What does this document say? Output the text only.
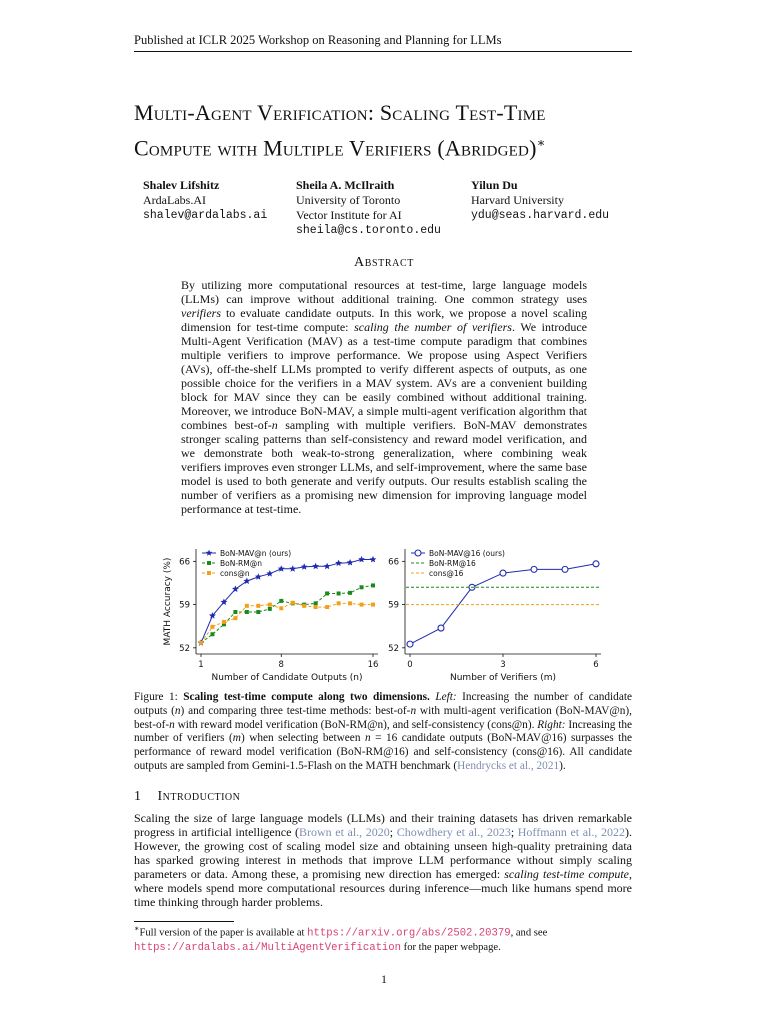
Published at ICLR 2025 Workshop on Reasoning and Planning for LLMs
Multi-Agent Verification: Scaling Test-Time
Compute with Multiple Verifiers (Abridged)∗
Shalev Lifshitz
ArdaLabs.AI
shalev@ardalabs.ai
Sheila A. McIlraith
University of Toronto
Vector Institute for AI
sheila@cs.toronto.edu
Yilun Du
Harvard University
ydu@seas.harvard.edu
Abstract
By utilizing more computational resources at test-time, large language models (LLMs) can improve without additional training. One common strategy uses verifiers to evaluate candidate outputs. In this work, we propose a novel scaling dimension for test-time compute: scaling the number of verifiers. We introduce Multi-Agent Verification (MAV) as a test-time compute paradigm that combines multiple verifiers to improve performance. We propose using Aspect Verifiers (AVs), off-the-shelf LLMs prompted to verify different aspects of outputs, as one possible choice for the verifiers in a MAV system. AVs are a convenient building block for MAV since they can be easily combined without additional training. Moreover, we introduce BoN-MAV, a simple multi-agent verification algorithm that combines best-of-n sampling with multiple verifiers. BoN-MAV demonstrates stronger scaling patterns than self-consistency and reward model verification, and we demonstrate both weak-to-strong generalization, where combining weak verifiers improves even stronger LLMs, and self-improvement, where the same base model is used to both generate and verify outputs. Our results establish scaling the number of verifiers as a promising new dimension for improving language model performance at test-time.
52
59
66
1	8	16
Number of Candidate Outputs (n)
MATH Accuracy (%)
BoN-MAV@n (ours)
BoN-RM@n
cons@n
52
59
66
0	3	6
Number of Verifiers (m)
BoN-MAV@16 (ours)
BoN-RM@16
cons@16
Figure 1: Scaling test-time compute along two dimensions. Left: Increasing the number of candidate outputs (n) and comparing three test-time methods: best-of-n with multi-agent verification (BoN-MAV@n), best-of-n with reward model verification (BoN-RM@n), and self-consistency (cons@n). Right: Increasing the number of verifiers (m) when selecting between n = 16 candidate outputs (BoN-MAV@16) surpasses the performance of reward model verification (BoN-RM@16) and self-consistency (cons@16). All candidate outputs are sampled from Gemini-1.5-Flash on the MATH benchmark (Hendrycks et al., 2021).
1 Introduction
Scaling the size of large language models (LLMs) and their training datasets has driven remarkable progress in artificial intelligence (Brown et al., 2020; Chowdhery et al., 2023; Hoffmann et al., 2022). However, the growing cost of scaling model size and obtaining unseen high-quality pretraining data has sparked growing interest in methods that improve LLM performance without simply scaling parameters or data. Among these, a promising new direction has emerged: scaling test-time compute, where models spend more computational resources during inference—much like humans spend more time thinking through harder problems.
∗Full version of the paper is available at https://arxiv.org/abs/2502.20379, and see https://ardalabs.ai/MultiAgentVerification for the paper webpage.
1
